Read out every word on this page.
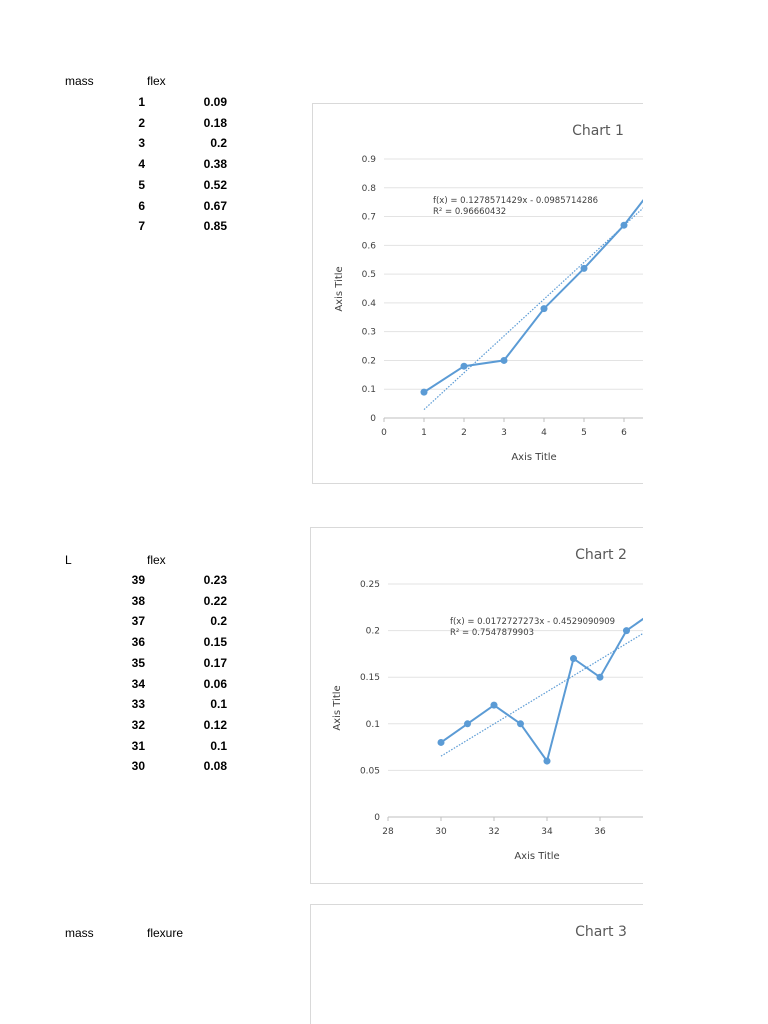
mass	flex
1	0.09
2	0.18
3	0.2
4	0.38
5	0.52
6	0.67
7	0.85
L	flex
39	0.23
38	0.22
37	0.2
36	0.15
35	0.17
34	0.06
33	0.1
32	0.12
31	0.1
30	0.08
mass	flexure
Chart 1
0
0.1
0.2
0.3
0.4
0.5
0.6
0.7
0.8
0.9
0	1	2	3	4	5	6
Axis Title
Axis Title
f(x) = 0.1278571429x - 0.0985714286
R² = 0.96660432
Chart 2
0
0.05
0.1
0.15
0.2
0.25
28	30	32	34	36
Axis Title
Axis Title
f(x) = 0.0172727273x - 0.4529090909
R² = 0.7547879903
Chart 3
